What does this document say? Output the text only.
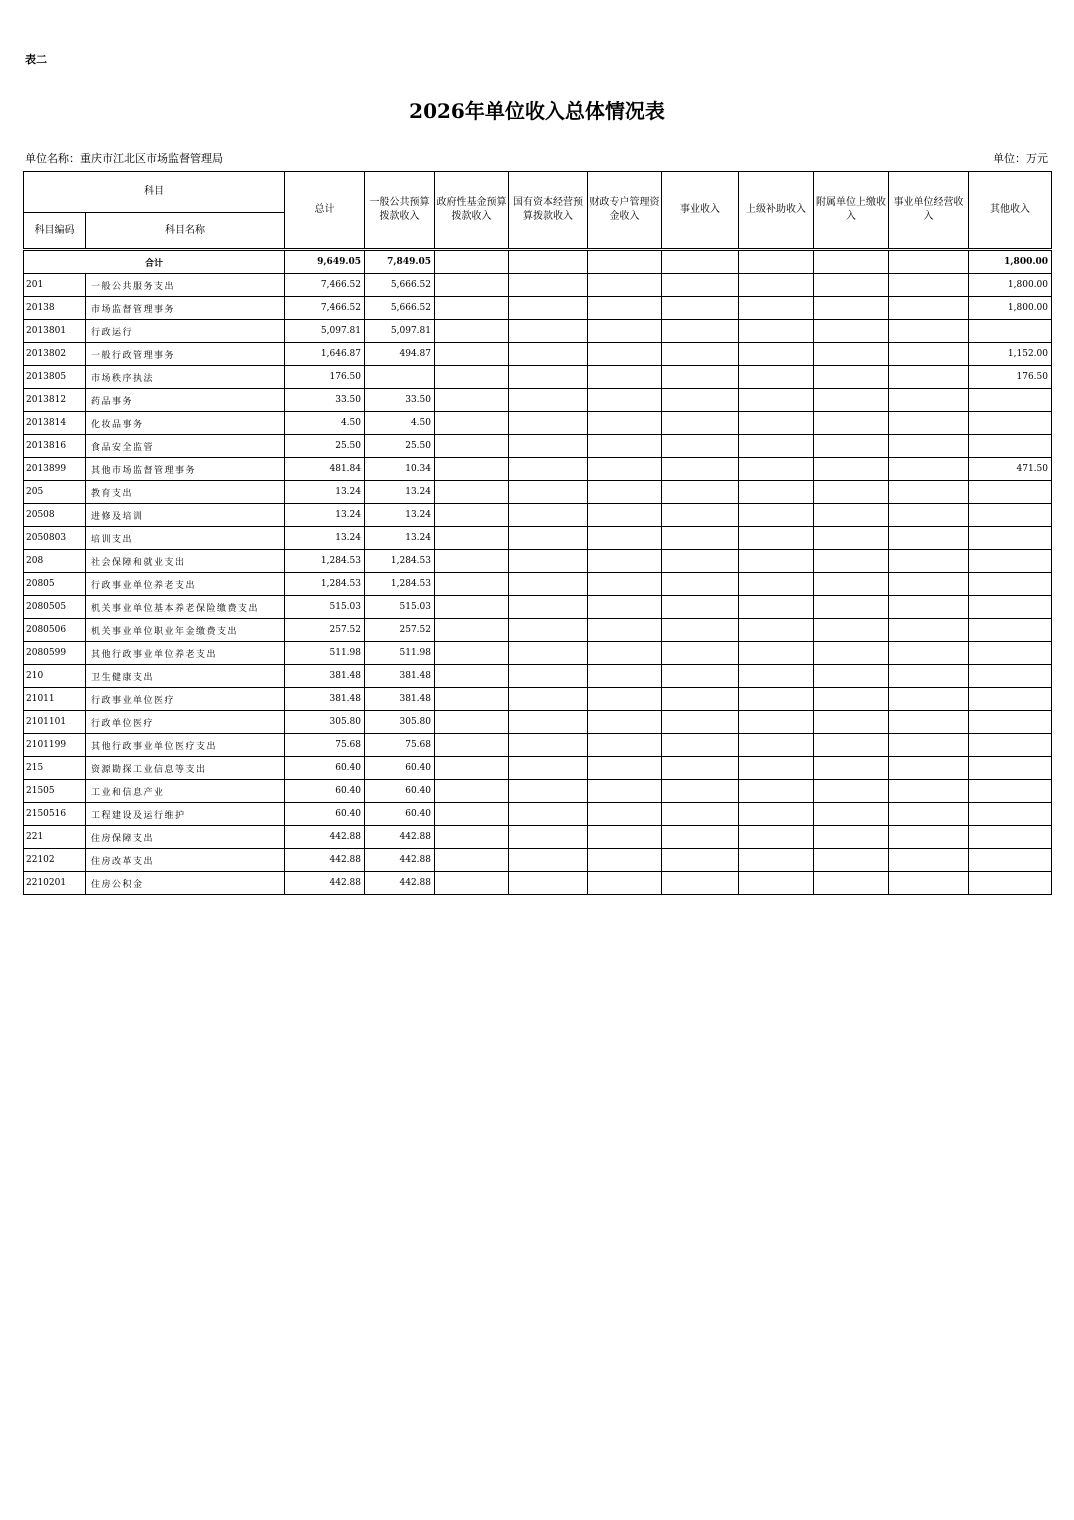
表二
2026年单位收入总体情况表
单位名称：重庆市江北区市场监督管理局	单位：万元
科目		总计	一般公共预算拨款收入	政府性基金预算拨款收入	国有资本经营预算拨款收入	财政专户管理资金收入	事业收入	上级补助收入	附属单位上缴收入	事业单位经营收入	其他收入
科目编码	科目名称										

合计		9,649.05	7,849.05								1,800.00
201	一般公共服务支出	7,466.52	5,666.52								1,800.00
20138	市场监督管理事务	7,466.52	5,666.52								1,800.00
2013801	行政运行	5,097.81	5,097.81								
2013802	一般行政管理事务	1,646.87	494.87								1,152.00
2013805	市场秩序执法	176.50									176.50
2013812	药品事务	33.50	33.50								
2013814	化妆品事务	4.50	4.50								
2013816	食品安全监管	25.50	25.50								
2013899	其他市场监督管理事务	481.84	10.34								471.50
205	教育支出	13.24	13.24								
20508	进修及培训	13.24	13.24								
2050803	培训支出	13.24	13.24								
208	社会保障和就业支出	1,284.53	1,284.53								
20805	行政事业单位养老支出	1,284.53	1,284.53								
2080505	机关事业单位基本养老保险缴费支出	515.03	515.03								
2080506	机关事业单位职业年金缴费支出	257.52	257.52								
2080599	其他行政事业单位养老支出	511.98	511.98								
210	卫生健康支出	381.48	381.48								
21011	行政事业单位医疗	381.48	381.48								
2101101	行政单位医疗	305.80	305.80								
2101199	其他行政事业单位医疗支出	75.68	75.68								
215	资源勘探工业信息等支出	60.40	60.40								
21505	工业和信息产业	60.40	60.40								
2150516	工程建设及运行维护	60.40	60.40								
221	住房保障支出	442.88	442.88								
22102	住房改革支出	442.88	442.88								
2210201	住房公积金	442.88	442.88								
